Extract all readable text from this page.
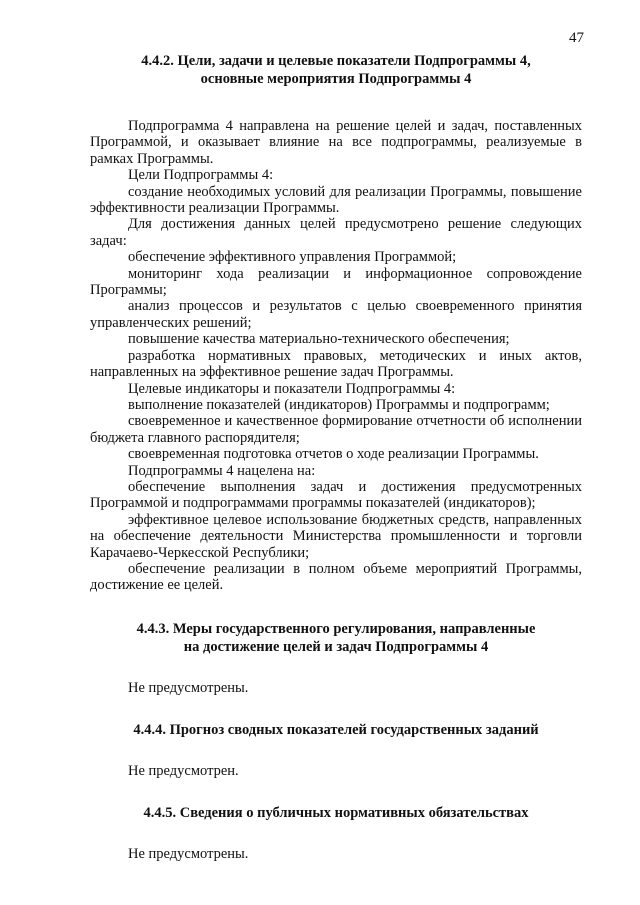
47
4.4.2. Цели, задачи и целевые показатели Подпрограммы 4,
основные мероприятия Подпрограммы 4

Подпрограмма 4 направлена на решение целей и задач, поставленных Программой, и оказывает влияние на все подпрограммы, реализуемые в рамках Программы.

Цели Подпрограммы 4:

создание необходимых условий для реализации Программы, повышение эффективности реализации Программы.

Для достижения данных целей предусмотрено решение следующих задач:

обеспечение эффективного управления Программой;

мониторинг хода реализации и информационное сопровождение Программы;

анализ процессов и результатов с целью своевременного принятия управленческих решений;

повышение качества материально-технического обеспечения;

разработка нормативных правовых, методических и иных актов, направленных на эффективное решение задач Программы.

Целевые индикаторы и показатели Подпрограммы 4:

выполнение показателей (индикаторов) Программы и подпрограмм;

своевременное и качественное формирование отчетности об исполнении бюджета главного распорядителя;

своевременная подготовка отчетов о ходе реализации Программы.

Подпрограммы 4 нацелена на:

обеспечение выполнения задач и достижения предусмотренных Программой и подпрограммами программы показателей (индикаторов);

эффективное целевое использование бюджетных средств, направленных на обеспечение деятельности Министерства промышленности и торговли Карачаево-Черкесской Республики;

обеспечение реализации в полном объеме мероприятий Программы, достижение ее целей.

4.4.3. Меры государственного регулирования, направленные
на достижение целей и задач Подпрограммы 4

Не предусмотрены.

4.4.4. Прогноз сводных показателей государственных заданий

Не предусмотрен.

4.4.5. Сведения о публичных нормативных обязательствах

Не предусмотрены.
